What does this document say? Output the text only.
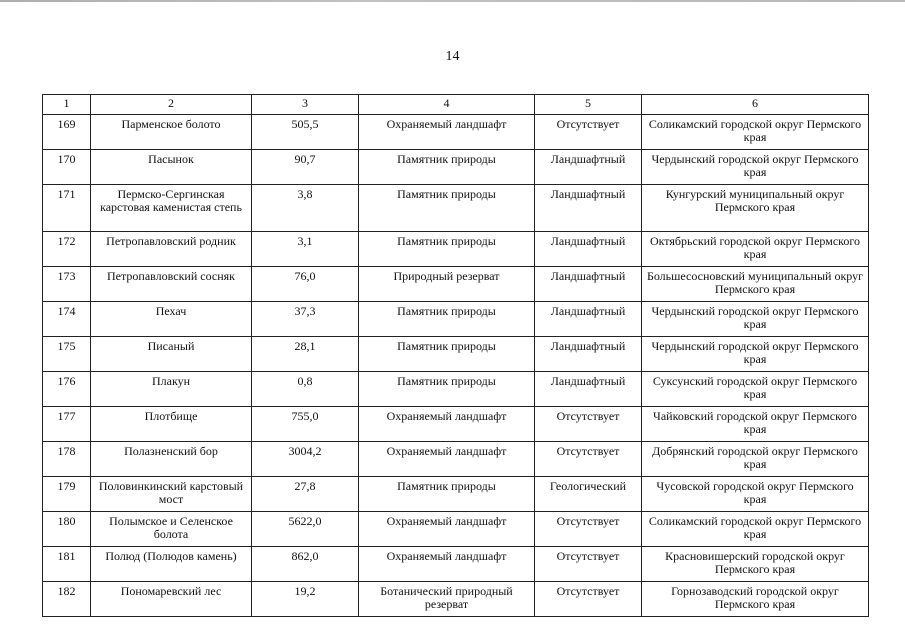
14
1	2	3	4	5	6
169	Парменское болото	505,5	Охраняемый ландшафт	Отсутствует	Соликамский городской округ Пермского края
170	Пасынок	90,7	Памятник природы	Ландшафтный	Чердынский городской округ Пермского края
171	Пермско-Сергинская карстовая каменистая степь	3,8	Памятник природы	Ландшафтный	Кунгурский муниципальный округ Пермского края
172	Петропавловский родник	3,1	Памятник природы	Ландшафтный	Октябрьский городской округ Пермского края
173	Петропавловский сосняк	76,0	Природный резерват	Ландшафтный	Большесосновский муниципальный округ Пермского края
174	Пехач	37,3	Памятник природы	Ландшафтный	Чердынский городской округ Пермского края
175	Писаный	28,1	Памятник природы	Ландшафтный	Чердынский городской округ Пермского края
176	Плакун	0,8	Памятник природы	Ландшафтный	Суксунский городской округ Пермского края
177	Плотбище	755,0	Охраняемый ландшафт	Отсутствует	Чайковский городской округ Пермского края
178	Полазненский бор	3004,2	Охраняемый ландшафт	Отсутствует	Добрянский городской округ Пермского края
179	Половинкинский карстовый мост	27,8	Памятник природы	Геологический	Чусовской городской округ Пермского края
180	Полымское и Селенское болота	5622,0	Охраняемый ландшафт	Отсутствует	Соликамский городской округ Пермского края
181	Полюд (Полюдов камень)	862,0	Охраняемый ландшафт	Отсутствует	Красновишерский городской округ Пермского края
182	Пономаревский лес	19,2	Ботанический природный резерват	Отсутствует	Горнозаводский городской округ Пермского края
